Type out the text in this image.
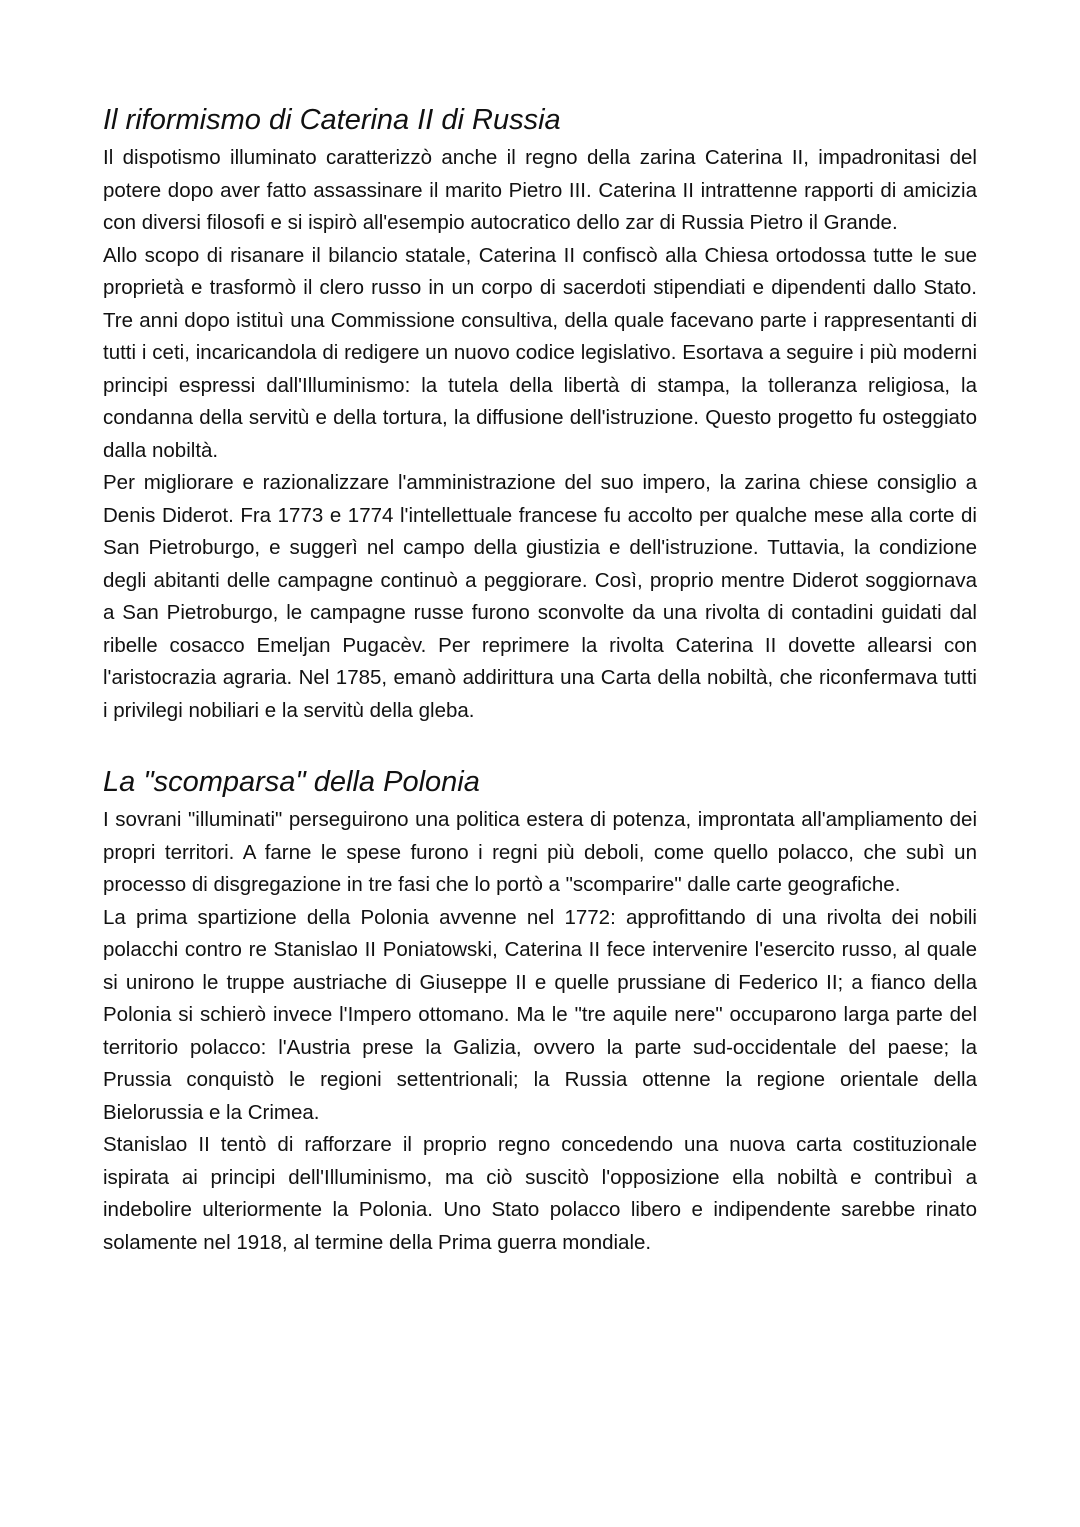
Il riformismo di Caterina II di Russia

Il dispotismo illuminato caratterizzò anche il regno della zarina Caterina II, impadronitasi del potere dopo aver fatto assassinare il marito Pietro III. Caterina II intrattenne rapporti di amicizia con diversi filosofi e si ispirò all'esempio autocratico dello zar di Russia Pietro il Grande.

Allo scopo di risanare il bilancio statale, Caterina II confiscò alla Chiesa ortodossa tutte le sue proprietà e trasformò il clero russo in un corpo di sacerdoti stipendiati e dipendenti dallo Stato. Tre anni dopo istituì una Commissione consultiva, della quale facevano parte i rappresentanti di tutti i ceti, incaricandola di redigere un nuovo codice legislativo. Esortava a seguire i più moderni principi espressi dall'Illuminismo: la tutela della libertà di stampa, la tolleranza religiosa, la condanna della servitù e della tortura, la diffusione dell'istruzione. Questo progetto fu osteggiato dalla nobiltà.

Per migliorare e razionalizzare l'amministrazione del suo impero, la zarina chiese consiglio a Denis Diderot. Fra 1773 e 1774 l'intellettuale francese fu accolto per qualche mese alla corte di San Pietroburgo, e suggerì nel campo della giustizia e dell'istruzione. Tuttavia, la condizione degli abitanti delle campagne continuò a peggiorare. Così, proprio mentre Diderot soggiornava a San Pietroburgo, le campagne russe furono sconvolte da una rivolta di contadini guidati dal ribelle cosacco Emeljan Pugacèv. Per reprimere la rivolta Caterina II dovette allearsi con l'aristocrazia agraria. Nel 1785, emanò addirittura una Carta della nobiltà, che riconfermava tutti i privilegi nobiliari e la servitù della gleba.

La "scomparsa" della Polonia

I sovrani "illuminati" perseguirono una politica estera di potenza, improntata all'ampliamento dei propri territori. A farne le spese furono i regni più deboli, come quello polacco, che subì un processo di disgregazione in tre fasi che lo portò a "scomparire" dalle carte geografiche.

La prima spartizione della Polonia avvenne nel 1772: approfittando di una rivolta dei nobili polacchi contro re Stanislao II Poniatowski, Caterina II fece intervenire l'esercito russo, al quale si unirono le truppe austriache di Giuseppe II e quelle prussiane di Federico II; a fianco della Polonia si schierò invece l'Impero ottomano. Ma le "tre aquile nere" occuparono larga parte del territorio polacco: l'Austria prese la Galizia, ovvero la parte sud-occidentale del paese; la Prussia conquistò le regioni settentrionali; la Russia ottenne la regione orientale della Bielorussia e la Crimea.

Stanislao II tentò di rafforzare il proprio regno concedendo una nuova carta costituzionale ispirata ai principi dell'Illuminismo, ma ciò suscitò l'opposizione ella nobiltà e contribuì a indebolire ulteriormente la Polonia. Uno Stato polacco libero e indipendente sarebbe rinato solamente nel 1918, al termine della Prima guerra mondiale.
